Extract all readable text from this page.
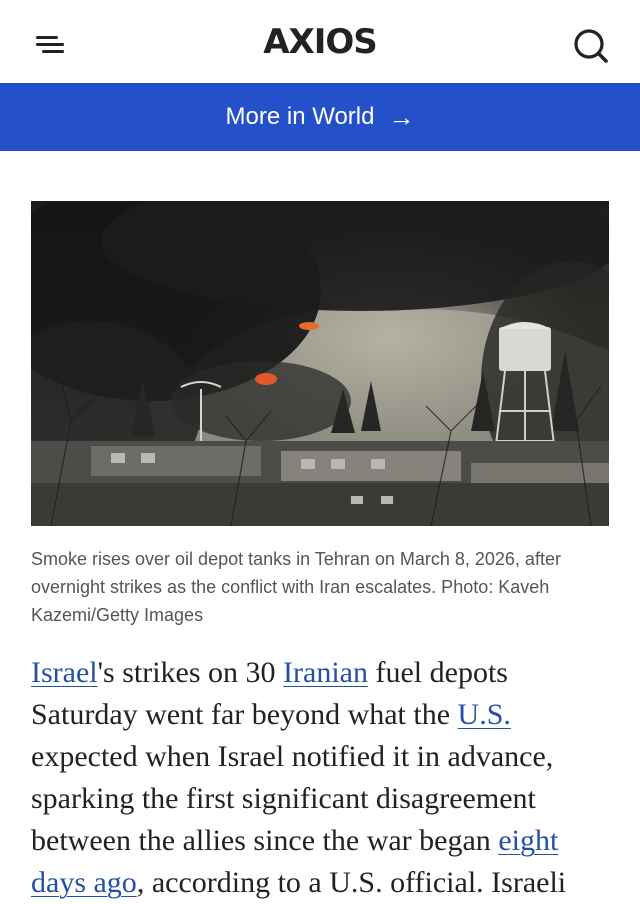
AXIOS
More in World →
Smoke rises over oil depot tanks in Tehran on March 8, 2026, after overnight strikes as the conflict with Iran escalates. Photo: Kaveh Kazemi/Getty Images
Israel's strikes on 30 Iranian fuel depots Saturday went far beyond what the U.S. expected when Israel notified it in advance, sparking the first significant disagreement between the allies since the war began eight days ago, according to a U.S. official. Israeli
